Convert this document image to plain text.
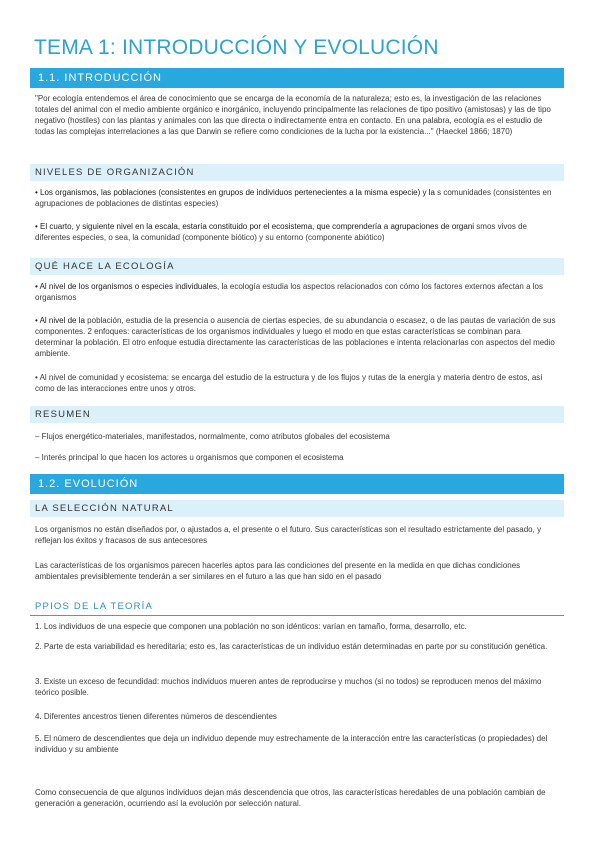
TEMA 1: INTRODUCCIÓN Y EVOLUCIÓN
1.1. INTRODUCCIÓN

"Por ecología entendemos el área de conocimiento que se encarga de la economía de la naturaleza; esto es, la investigación de las relaciones totales del animal con el medio ambiente orgánico e inorgánico, incluyendo principalmente las relaciones de tipo positivo (amistosas) y las de tipo negativo (hostiles) con las plantas y animales con las que directa o indirectamente entra en contacto. En una palabra, ecología es el estudio de todas las complejas interrelaciones a las que Darwin se refiere como condiciones de la lucha por la existencia..." (Haeckel 1866; 1870)

NIVELES DE ORGANIZACIÓN

• Los organismos, las poblaciones (consistentes en grupos de individuos pertenecientes a la misma especie) y la s comunidades (consistentes en agrupaciones de poblaciones de distintas especies)

• El cuarto, y siguiente nivel en la escala, estaría constituido por el ecosistema, que comprendería a agrupaciones de organi smos vivos de diferentes especies, o sea, la comunidad (componente biótico) y su entorno (componente abiótico)

QUÉ HACE LA ECOLOGÍA

• Al nivel de los organismos o especies individuales, la ecología estudia los aspectos relacionados con cómo los factores externos afectan a los organismos

• Al nivel de la población, estudia de la presencia o ausencia de ciertas especies, de su abundancia o escasez, o de las pautas de variación de sus componentes. 2 enfoques: características de los organismos individuales y luego el modo en que estas características se combinan para determinar la población. El otro enfoque estudia directamente las características de las poblaciones e intenta relacionarlas con aspectos del medio ambiente.

• Al nivel de comunidad y ecosistema: se encarga del estudio de la estructura y de los flujos y rutas de la energía y materia dentro de estos, así como de las interacciones entre unos y otros.

RESUMEN

– Flujos energético-materiales, manifestados, normalmente, como atributos globales del ecosistema

– Interés principal lo que hacen los actores u organismos que componen el ecosistema

1.2. EVOLUCIÓN
LA SELECCIÓN NATURAL

Los organismos no están diseñados por, o ajustados a, el presente o el futuro. Sus características son el resultado estrictamente del pasado, y reflejan los éxitos y fracasos de sus antecesores

Las características de los organismos parecen hacerles aptos para las condiciones del presente en la medida en que dichas condiciones ambientales previsiblemente tenderán a ser similares en el futuro a las que han sido en el pasado

PPIOS DE LA TEORÍA

1. Los individuos de una especie que componen una población no son idénticos: varían en tamaño, forma, desarrollo, etc.

2. Parte de esta variabilidad es hereditaria; esto es, las características de un individuo están determinadas en parte por su constitución genética.

3. Existe un exceso de fecundidad: muchos individuos mueren antes de reproducirse y muchos (si no todos) se reproducen menos del máximo teórico posible.

4. Diferentes ancestros tienen diferentes números de descendientes

5. El número de descendientes que deja un individuo depende muy estrechamente de la interacción entre las características (o propiedades) del individuo y su ambiente

Como consecuencia de que algunos individuos dejan más descendencia que otros, las características heredables de una población cambian de generación a generación, ocurriendo así la evolución por selección natural.
